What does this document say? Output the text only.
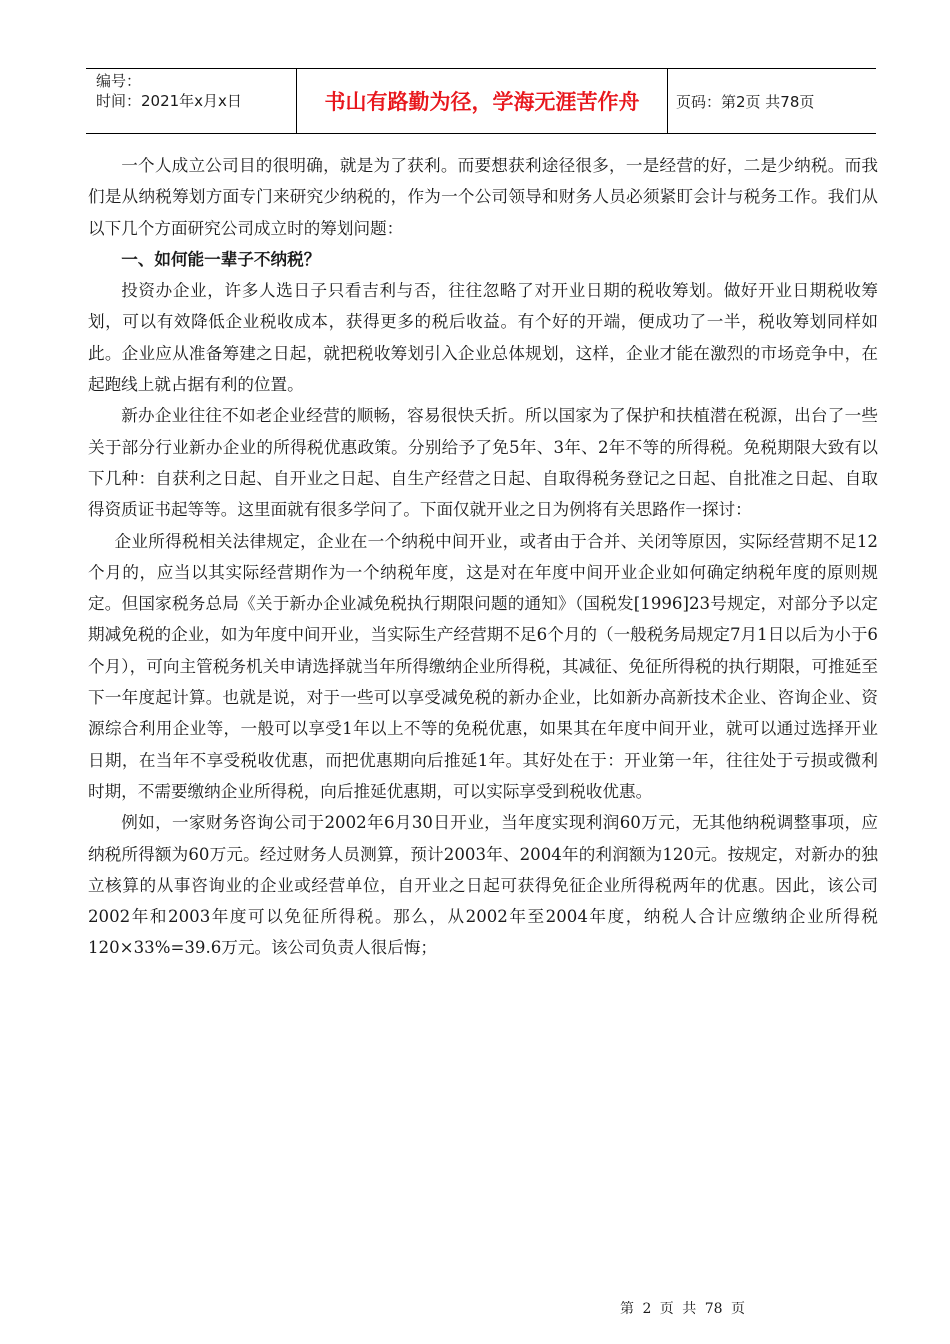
编号：
时间：2021年x月x日	书山有路勤为径，学海无涯苦作舟	页码：第2页 共78页

一个人成立公司目的很明确，就是为了获利。而要想获利途径很多，一是经营的好，二是少纳税。而我们是从纳税筹划方面专门来研究少纳税的，作为一个公司领导和财务人员必须紧盯会计与税务工作。我们从以下几个方面研究公司成立时的筹划问题：

一、如何能一辈子不纳税？

投资办企业，许多人选日子只看吉利与否，往往忽略了对开业日期的税收筹划。做好开业日期税收筹划，可以有效降低企业税收成本，获得更多的税后收益。有个好的开端，便成功了一半，税收筹划同样如此。企业应从准备筹建之日起，就把税收筹划引入企业总体规划，这样，企业才能在激烈的市场竞争中，在起跑线上就占据有利的位置。

新办企业往往不如老企业经营的顺畅，容易很快夭折。所以国家为了保护和扶植潜在税源，出台了一些关于部分行业新办企业的所得税优惠政策。分别给予了免5年、3年、2年不等的所得税。免税期限大致有以下几种：自获利之日起、自开业之日起、自生产经营之日起、自取得税务登记之日起、自批准之日起、自取得资质证书起等等。这里面就有很多学问了。下面仅就开业之日为例将有关思路作一探讨：

企业所得税相关法律规定，企业在一个纳税中间开业，或者由于合并、关闭等原因，实际经营期不足12个月的，应当以其实际经营期作为一个纳税年度，这是对在年度中间开业企业如何确定纳税年度的原则规定。但国家税务总局《关于新办企业减免税执行期限问题的通知》（国税发[1996]23号规定，对部分予以定期减免税的企业，如为年度中间开业，当实际生产经营期不足6个月的（一般税务局规定7月1日以后为小于6个月），可向主管税务机关申请选择就当年所得缴纳企业所得税，其减征、免征所得税的执行期限，可推延至下一年度起计算。也就是说，对于一些可以享受减免税的新办企业，比如新办高新技术企业、咨询企业、资源综合利用企业等，一般可以享受1年以上不等的免税优惠，如果其在年度中间开业，就可以通过选择开业日期，在当年不享受税收优惠，而把优惠期向后推延1年。其好处在于：开业第一年，往往处于亏损或微利时期，不需要缴纳企业所得税，向后推延优惠期，可以实际享受到税收优惠。

例如，一家财务咨询公司于2002年6月30日开业，当年度实现利润60万元，无其他纳税调整事项，应纳税所得额为60万元。经过财务人员测算，预计2003年、2004年的利润额为120元。按规定，对新办的独立核算的从事咨询业的企业或经营单位，自开业之日起可获得免征企业所得税两年的优惠。因此，该公司2002年和2003年度可以免征所得税。那么，从2002年至2004年度，纳税人合计应缴纳企业所得税120×33%=39.6万元。该公司负责人很后悔；

第 2 页 共 78 页
